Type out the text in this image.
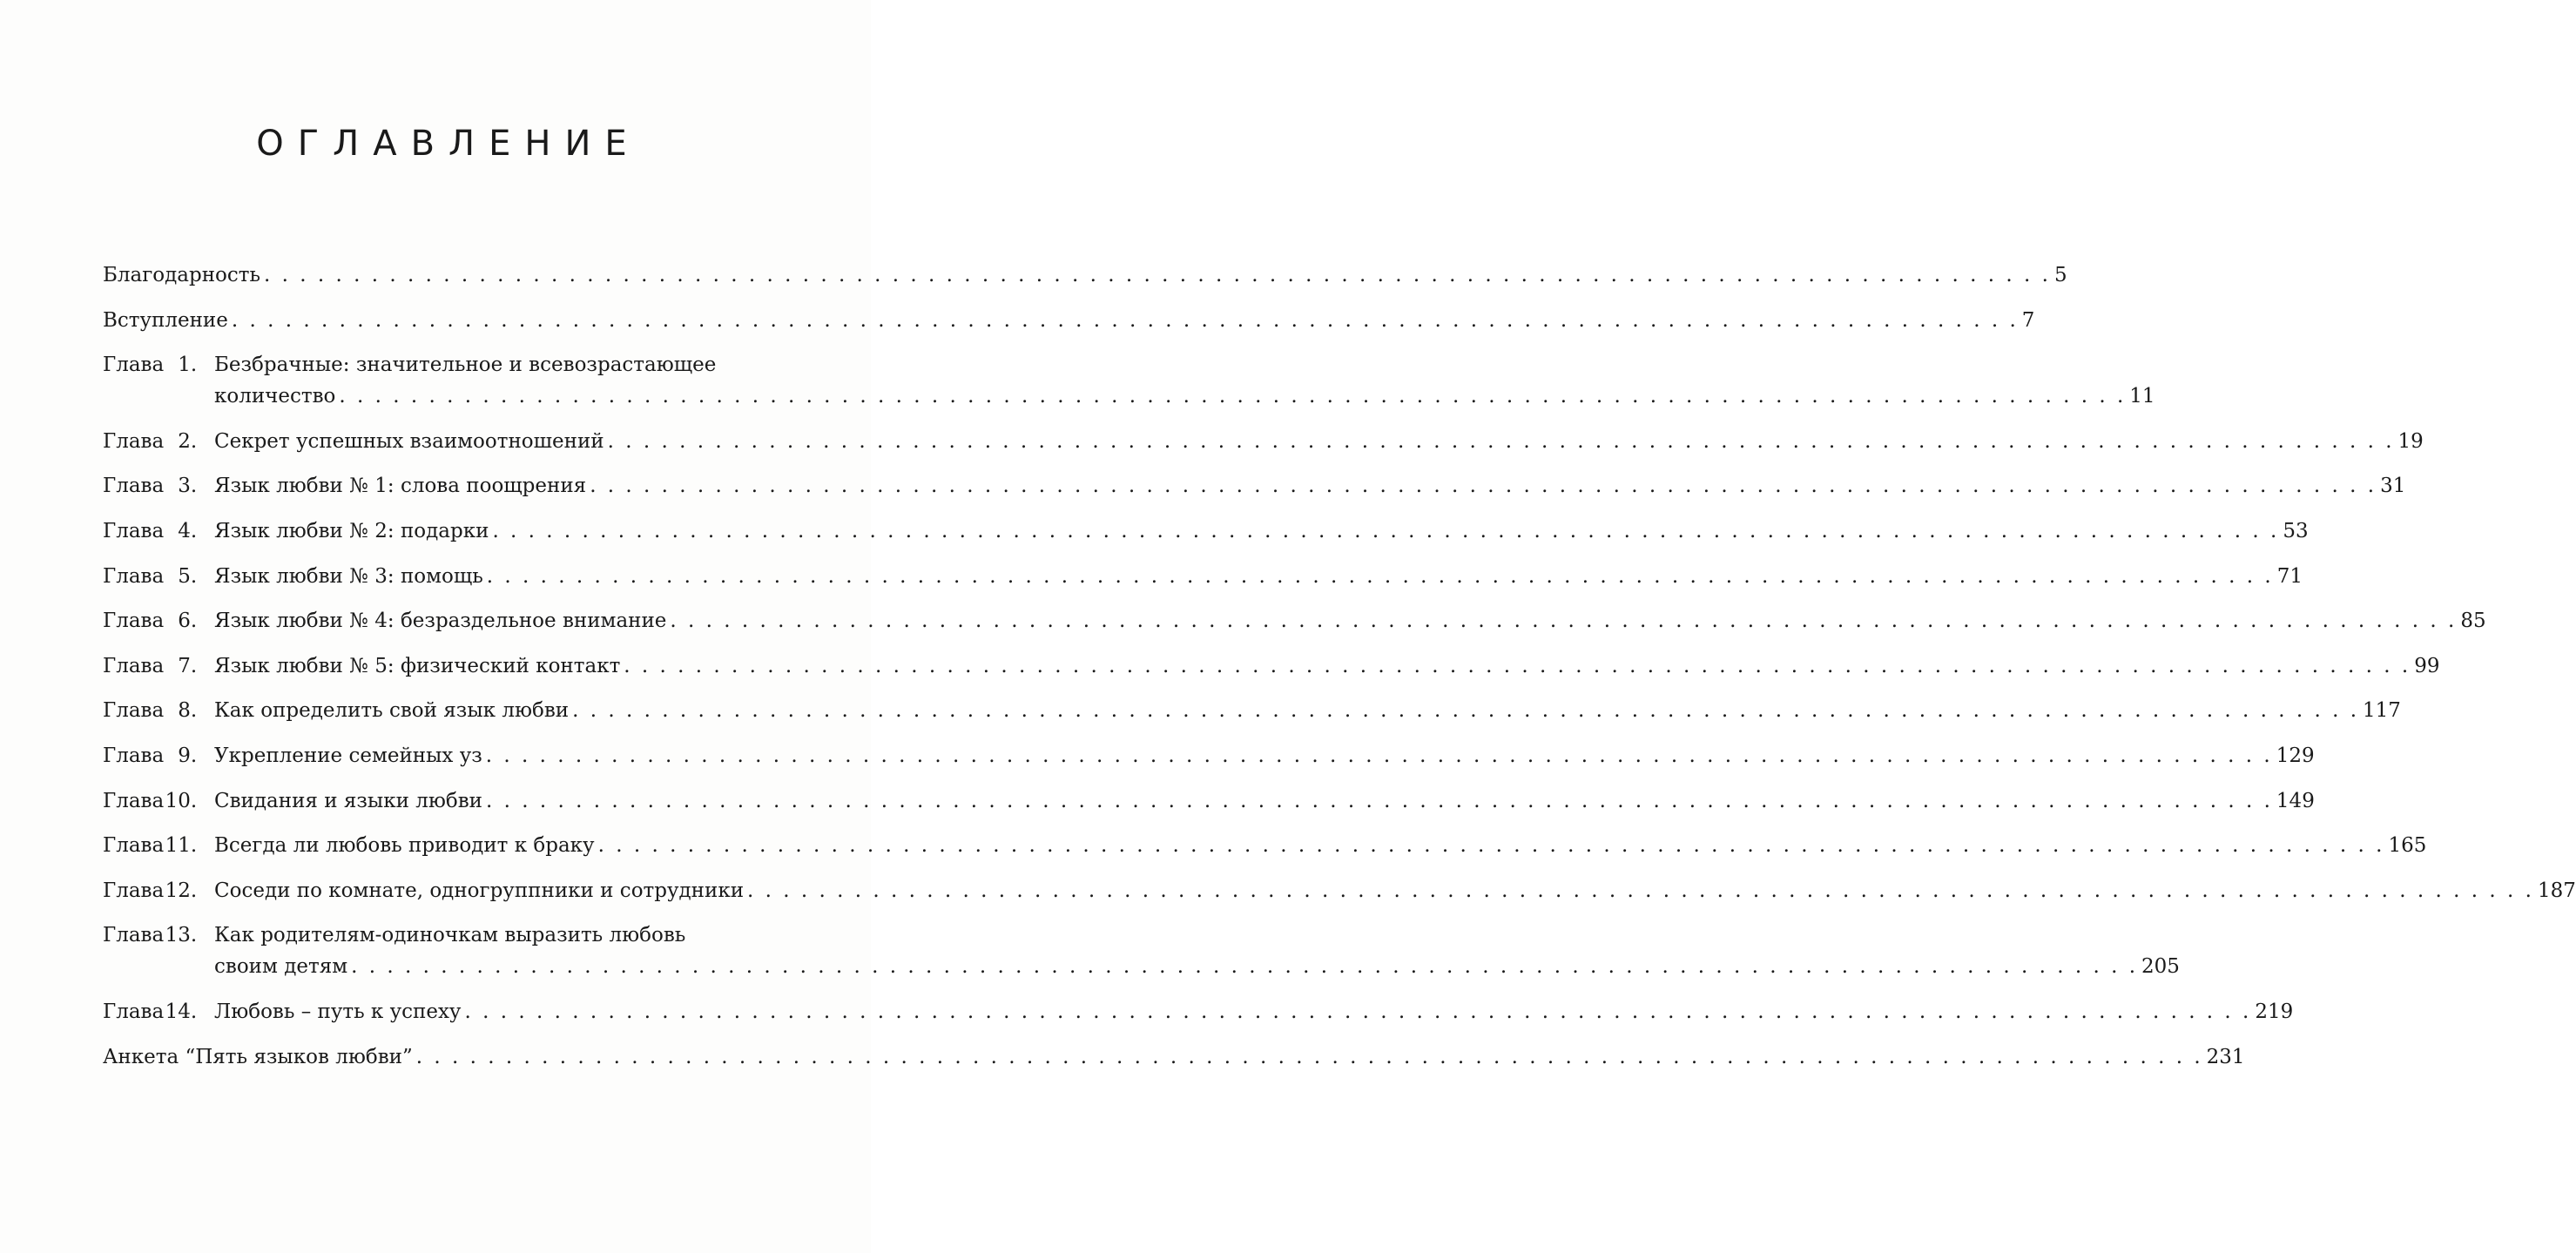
ОГЛАВЛЕНИЕ
Благодарность . . .	5
Вступление . . .	7
Глава 1. Безбрачные: значительное и всевозрастающее
количество . . .	11
Глава 2. Секрет успешных взаимоотношений . . .	19
Глава 3. Язык любви № 1: слова поощрения . . .	31
Глава 4. Язык любви № 2: подарки . . .	53
Глава 5. Язык любви № 3: помощь . . .	71
Глава 6. Язык любви № 4: безраздельное внимание . . .	85
Глава 7. Язык любви № 5: физический контакт . . .	99
Глава 8. Как определить свой язык любви . . .	117
Глава 9. Укрепление семейных уз . . .	129
Глава10. Свидания и языки любви . . .	149
Глава11. Всегда ли любовь приводит к браку . . .	165
Глава12. Соседи по комнате, одногруппники и сотрудники . . .	187
Глава13. Как родителям-одиночкам выразить любовь
своим детям . . .	205
Глава14. Любовь – путь к успеху . . .	219
Анкета “Пять языков любви” . . .	231
